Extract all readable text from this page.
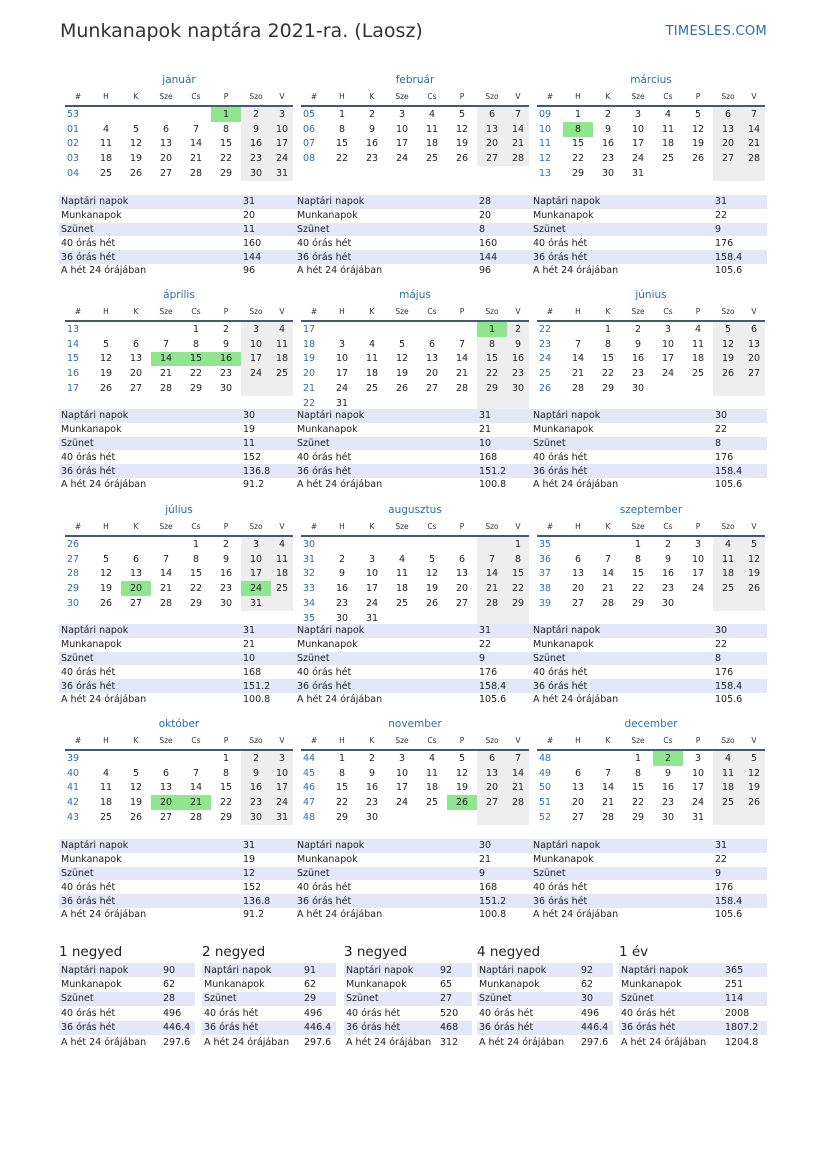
Munkanapok naptára 2021-ra. (Laosz)	TIMESLES.COM
január
#	H	K	Sze	Cs	P	Szo	V
53					1	2	3
01	4	5	6	7	8	9	10
02	11	12	13	14	15	16	17
03	18	19	20	21	22	23	24
04	25	26	27	28	29	30	31
Naptári napok	31
Munkanapok	20
Szünet	11
40 órás hét	160
36 órás hét	144
A hét 24 órájában	96
február
#	H	K	Sze	Cs	P	Szo	V
05	1	2	3	4	5	6	7
06	8	9	10	11	12	13	14
07	15	16	17	18	19	20	21
08	22	23	24	25	26	27	28
Naptári napok	28
Munkanapok	20
Szünet	8
40 órás hét	160
36 órás hét	144
A hét 24 órájában	96
március
#	H	K	Sze	Cs	P	Szo	V
09	1	2	3	4	5	6	7
10	8	9	10	11	12	13	14
11	15	16	17	18	19	20	21
12	22	23	24	25	26	27	28
13	29	30	31				
Naptári napok	31
Munkanapok	22
Szünet	9
40 órás hét	176
36 órás hét	158.4
A hét 24 órájában	105.6
április
#	H	K	Sze	Cs	P	Szo	V
13				1	2	3	4
14	5	6	7	8	9	10	11
15	12	13	14	15	16	17	18
16	19	20	21	22	23	24	25
17	26	27	28	29	30		
Naptári napok	30
Munkanapok	19
Szünet	11
40 órás hét	152
36 órás hét	136.8
A hét 24 órájában	91.2
május
#	H	K	Sze	Cs	P	Szo	V
17						1	2
18	3	4	5	6	7	8	9
19	10	11	12	13	14	15	16
20	17	18	19	20	21	22	23
21	24	25	26	27	28	29	30
22	31						
Naptári napok	31
Munkanapok	21
Szünet	10
40 órás hét	168
36 órás hét	151.2
A hét 24 órájában	100.8
június
#	H	K	Sze	Cs	P	Szo	V
22		1	2	3	4	5	6
23	7	8	9	10	11	12	13
24	14	15	16	17	18	19	20
25	21	22	23	24	25	26	27
26	28	29	30				
Naptári napok	30
Munkanapok	22
Szünet	8
40 órás hét	176
36 órás hét	158.4
A hét 24 órájában	105.6
július
#	H	K	Sze	Cs	P	Szo	V
26				1	2	3	4
27	5	6	7	8	9	10	11
28	12	13	14	15	16	17	18
29	19	20	21	22	23	24	25
30	26	27	28	29	30	31	
Naptári napok	31
Munkanapok	21
Szünet	10
40 órás hét	168
36 órás hét	151.2
A hét 24 órájában	100.8
augusztus
#	H	K	Sze	Cs	P	Szo	V
30							1
31	2	3	4	5	6	7	8
32	9	10	11	12	13	14	15
33	16	17	18	19	20	21	22
34	23	24	25	26	27	28	29
35	30	31					
Naptári napok	31
Munkanapok	22
Szünet	9
40 órás hét	176
36 órás hét	158.4
A hét 24 órájában	105.6
szeptember
#	H	K	Sze	Cs	P	Szo	V
35			1	2	3	4	5
36	6	7	8	9	10	11	12
37	13	14	15	16	17	18	19
38	20	21	22	23	24	25	26
39	27	28	29	30			
Naptári napok	30
Munkanapok	22
Szünet	8
40 órás hét	176
36 órás hét	158.4
A hét 24 órájában	105.6
október
#	H	K	Sze	Cs	P	Szo	V
39					1	2	3
40	4	5	6	7	8	9	10
41	11	12	13	14	15	16	17
42	18	19	20	21	22	23	24
43	25	26	27	28	29	30	31
Naptári napok	31
Munkanapok	19
Szünet	12
40 órás hét	152
36 órás hét	136.8
A hét 24 órájában	91.2
november
#	H	K	Sze	Cs	P	Szo	V
44	1	2	3	4	5	6	7
45	8	9	10	11	12	13	14
46	15	16	17	18	19	20	21
47	22	23	24	25	26	27	28
48	29	30					
Naptári napok	30
Munkanapok	21
Szünet	9
40 órás hét	168
36 órás hét	151.2
A hét 24 órájában	100.8
december
#	H	K	Sze	Cs	P	Szo	V
48			1	2	3	4	5
49	6	7	8	9	10	11	12
50	13	14	15	16	17	18	19
51	20	21	22	23	24	25	26
52	27	28	29	30	31		
Naptári napok	31
Munkanapok	22
Szünet	9
40 órás hét	176
36 órás hét	158.4
A hét 24 órájában	105.6
1 negyed
Naptári napok	90
Munkanapok	62
Szünet	28
40 órás hét	496
36 órás hét	446.4
A hét 24 órájában	297.6
2 negyed
Naptári napok	91
Munkanapok	62
Szünet	29
40 órás hét	496
36 órás hét	446.4
A hét 24 órájában	297.6
3 negyed
Naptári napok	92
Munkanapok	65
Szünet	27
40 órás hét	520
36 órás hét	468
A hét 24 órájában	312
4 negyed
Naptári napok	92
Munkanapok	62
Szünet	30
40 órás hét	496
36 órás hét	446.4
A hét 24 órájában	297.6
1 év
Naptári napok	365
Munkanapok	251
Szünet	114
40 órás hét	2008
36 órás hét	1807.2
A hét 24 órájában	1204.8
